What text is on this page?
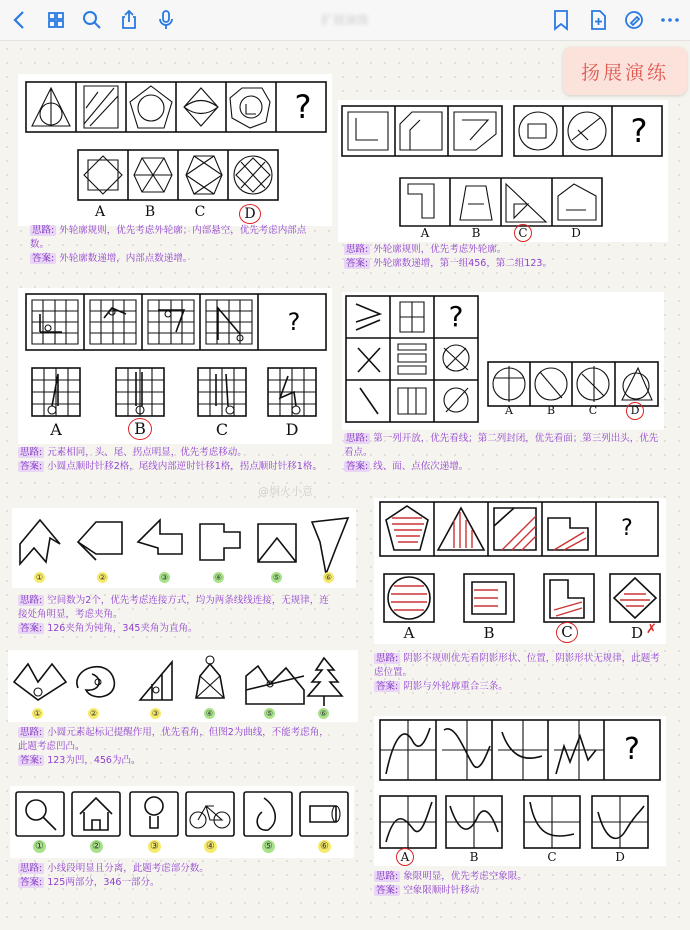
扩展演练
扬展演练
?
A	B	C	D
思路: 外轮廓规则，优先考虑外轮廓；内部悬空，优先考虑内部点数。
答案: 外轮廓数递增，内部点数递增。
?
A	B	C	D
思路: 外轮廓规则，优先考虑外轮廓。
答案: 外轮廓数递增，第一组456，第二组123。
?
A	B	C	D
思路: 元素相同，头、尾、拐点明显，优先考虑移动。
答案: 小圆点顺时针移2格，尾线内部逆时针移1格，拐点顺时针移1格。
@炯火小意
?
A	B	C	D
思路: 第一列开放，优先看线；第二列封闭，优先看面；第三列出头，优先看点。
答案: 线、面、点依次递增。
①	②	③	④	⑤	⑥
思路: 空间数为2个，优先考虑连接方式，均为两条线线连接，无规律，连接处角明显，考虑夹角。
答案: 126夹角为钝角，345夹角为直角。
?
A	B	C	D ✗
思路: 阴影不规则优先看阴影形状、位置，阴影形状无规律，此题考虑位置。
答案: 阴影与外轮廓重合三条。
①	②	③	④	⑤	⑥
思路: 小圆元素起标记提醒作用，优先看角，但图2为曲线，不能考虑角，此题考虑凹凸。
答案: 123为凹，456为凸。	?
A	B	C	D
思路: 象限明显，优先考虑空象限。
答案: 空象限顺时针移动
①	②	③	④	⑤	⑥
思路: 小线段明显且分离，此题考虑部分数。
答案: 125两部分，346一部分。
